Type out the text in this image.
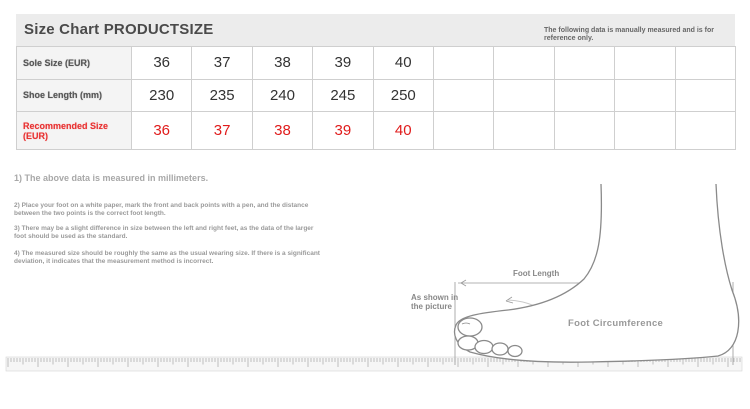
Size Chart PRODUCTSIZE	The following data is manually measured and is for reference only.
Sole Size (EUR)	36	37	38	39	40					
Shoe Length (mm)	230	235	240	245	250					
Recommended Size (EUR)	36	37	38	39	40					
1) The above data is measured in millimeters.
2) Place your foot on a white paper, mark the front and back points with a pen, and the distance between the two points is the correct foot length.
3) There may be a slight difference in size between the left and right feet, as the data of the larger foot should be used as the standard.
4) The measured size should be roughly the same as the usual wearing size. If there is a significant deviation, it indicates that the measurement method is incorrect.
Foot Length
As shown in the picture
Foot Circumference
